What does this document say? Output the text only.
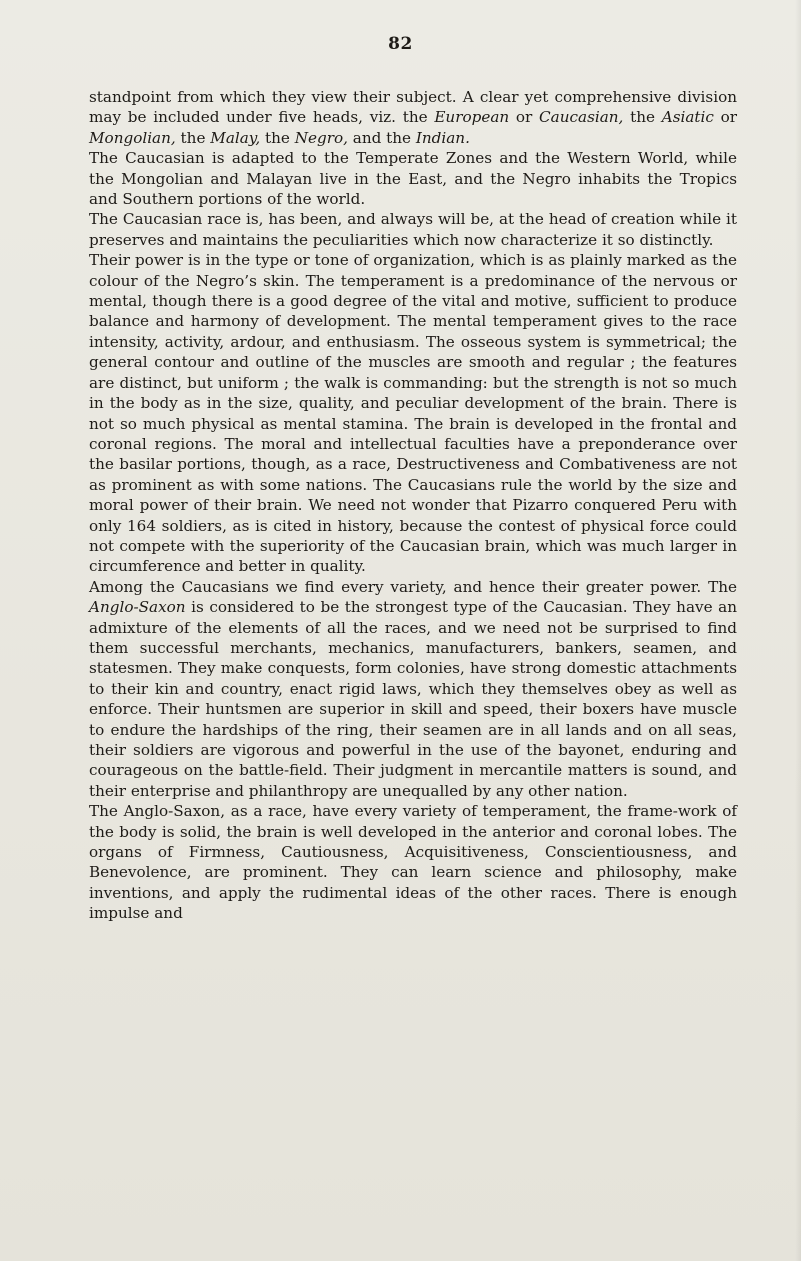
82

standpoint from which they view their subject. A clear yet comprehensive division may be included under five heads, viz. the European or Caucasian, the Asiatic or Mongolian, the Malay, the Negro, and the Indian.

The Caucasian is adapted to the Temperate Zones and the Western World, while the Mongolian and Malayan live in the East, and the Negro inhabits the Tropics and Southern portions of the world.

The Caucasian race is, has been, and always will be, at the head of creation while it preserves and maintains the peculiarities which now characterize it so distinctly.

Their power is in the type or tone of organization, which is as plainly marked as the colour of the Negro’s skin. The temperament is a predominance of the nervous or mental, though there is a good degree of the vital and motive, sufficient to produce balance and harmony of development. The mental temperament gives to the race intensity, activity, ardour, and enthusiasm. The osseous system is symmetrical; the general contour and outline of the muscles are smooth and regular ; the features are distinct, but uniform ; the walk is commanding: but the strength is not so much in the body as in the size, quality, and peculiar development of the brain. There is not so much physical as mental stamina. The brain is developed in the frontal and coronal regions. The moral and intellectual faculties have a preponderance over the basilar portions, though, as a race, Destructiveness and Combativeness are not as prominent as with some nations. The Caucasians rule the world by the size and moral power of their brain. We need not wonder that Pizarro conquered Peru with only 164 soldiers, as is cited in history, because the contest of physical force could not compete with the superiority of the Caucasian brain, which was much larger in circumference and better in quality.

Among the Caucasians we find every variety, and hence their greater power. The Anglo-Saxon is considered to be the strongest type of the Caucasian. They have an admixture of the elements of all the races, and we need not be surprised to find them successful merchants, mechanics, manufacturers, bankers, seamen, and statesmen. They make conquests, form colonies, have strong domestic attachments to their kin and country, enact rigid laws, which they themselves obey as well as enforce. Their huntsmen are superior in skill and speed, their boxers have muscle to endure the hardships of the ring, their seamen are in all lands and on all seas, their soldiers are vigorous and powerful in the use of the bayonet, enduring and courageous on the battle-field. Their judgment in mercantile matters is sound, and their enterprise and philanthropy are unequalled by any other nation.

The Anglo-Saxon, as a race, have every variety of temperament, the frame-work of the body is solid, the brain is well developed in the anterior and coronal lobes. The organs of Firmness, Cautiousness, Acquisitiveness, Conscientiousness, and Benevolence, are prominent. They can learn science and philosophy, make inventions, and apply the rudimental ideas of the other races. There is enough impulse and
